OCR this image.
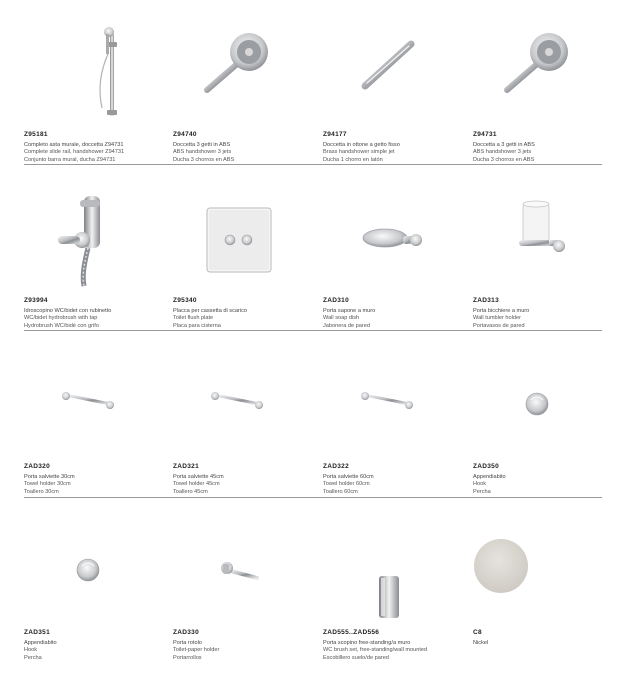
Z95181
Completo asta murale, doccetta Z94731
Complete slide rail, handshower Z94731
Conjunto barra mural, ducha Z94731
Z94740
Doccetta 3 getti in ABS
ABS handshower 3 jets
Ducha 3 chorros en ABS
Z94177
Doccetta in ottone a getto fisso
Brass handshower simple jet
Ducha 1 chorro en latón
Z94731
Doccetta a 3 getti in ABS
ABS handshower 3 jets
Ducha 3 chorros en ABS
Z93994
Idroscopino WC/bidet con rubinetto
WC/bidet hydrobrush with tap
Hydrobrush WC/bidé con grifo
Z95340
Placca per cassetta di scarico
Toilet flush plate
Placa para cisterna
ZAD310
Porta sapone a muro
Wall soap dish
Jabonera de pared
ZAD313
Porta bicchiere a muro
Wall tumbler holder
Portavasos de pared
ZAD320
Porta salviette 30cm
Towel holder 30cm
Toallero 30cm
ZAD321
Porta salviette 45cm
Towel holder 45cm
Toallero 45cm
ZAD322
Porta salviette 60cm
Towel holder 60cm
Toallero 60cm
ZAD350
Appendiabito
Hook
Percha
ZAD351
Appendiabito
Hook
Percha
ZAD330
Porta rotolo
Toilet-paper holder
Portarrollos
ZAD555..ZAD556
Porta scopino free-standing/a muro
WC brush set, free-standing/wall mounted
Escobillero suelo/de pared
C8
Nickel
